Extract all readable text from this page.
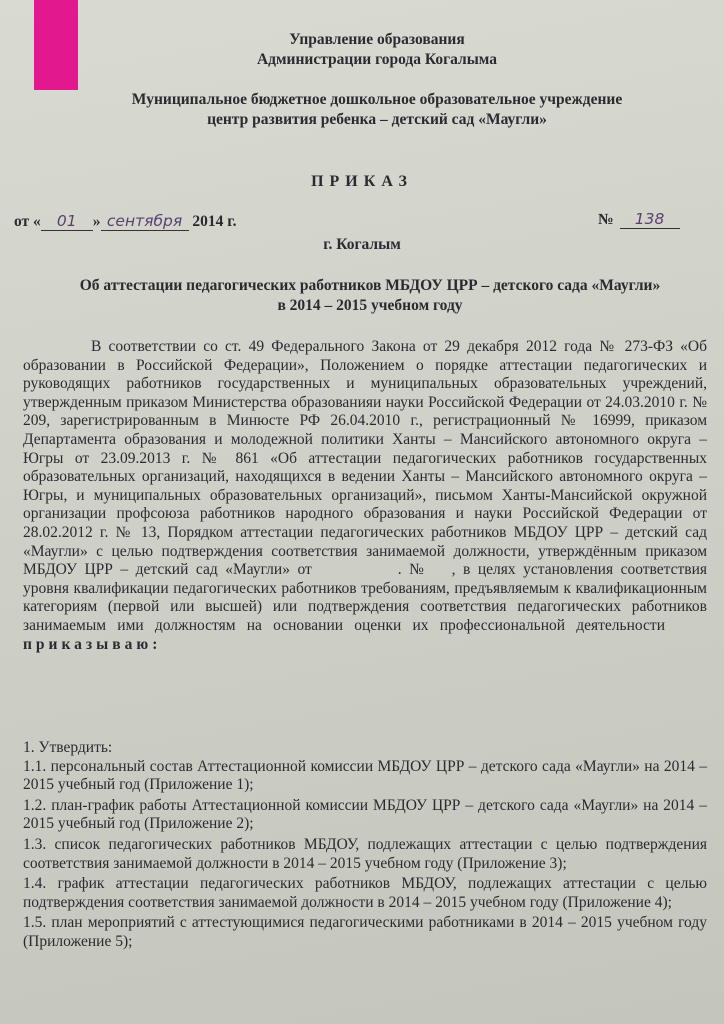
Управление образования
Администрации города Когалыма
Муниципальное бюджетное дошкольное образовательное учреждение
центр развития ребенка – детский сад «Маугли»
ПРИКАЗ
от « 01 » сентября 2014 г.	№ 138
г. Когалым
Об аттестации педагогических работников МБДОУ ЦРР – детского сада «Маугли»
в 2014 – 2015 учебном году

В соответствии со ст. 49 Федерального Закона от 29 декабря 2012 года № 273-ФЗ «Об образовании в Российской Федерации», Положением о порядке аттестации педагогических и руководящих работников государственных и муниципальных образовательных учреждений, утвержденным приказом Министерства образованияи науки Российской Федерации от 24.03.2010 г. № 209, зарегистрированным в Минюсте РФ 26.04.2010 г., регистрационный № 16999, приказом Департамента образования и молодежной политики Ханты – Мансийского автономного округа – Югры от 23.09.2013 г. № 861 «Об аттестации педагогических работников государственных образовательных организаций, находящихся в ведении Ханты – Мансийского автономного округа – Югры, и муниципальных образовательных организаций», письмом Ханты-Мансийской окружной организации профсоюза работников народного образования и науки Российской Федерации от 28.02.2012 г. № 13, Порядком аттестации педагогических работников МБДОУ ЦРР – детский сад «Маугли» с целью подтверждения соответствия занимаемой должности, утверждённым приказом МБДОУ ЦРР – детский сад «Маугли» от	. № , в целях установления соответствия уровня квалификации педагогических работников требованиям, предъявляемым к квалификационным категориям (первой или высшей) или подтверждения соответствия педагогических работников занимаемым ими должностям на основании оценки их профессиональной деятельностиприказываю:

1. Утвердить:

1.1. персональный состав Аттестационной комиссии МБДОУ ЦРР – детского сада «Маугли» на 2014 – 2015 учебный год (Приложение 1);

1.2. план-график работы Аттестационной комиссии МБДОУ ЦРР – детского сада «Маугли» на 2014 – 2015 учебный год (Приложение 2);

1.3. список педагогических работников МБДОУ, подлежащих аттестации с целью подтверждения соответствия занимаемой должности в 2014 – 2015 учебном году (Приложение 3);

1.4. график аттестации педагогических работников МБДОУ, подлежащих аттестации с целью подтверждения соответствия занимаемой должности в 2014 – 2015 учебном году (Приложение 4);

1.5. план мероприятий с аттестующимися педагогическими работниками в 2014 – 2015 учебном году (Приложение 5);
